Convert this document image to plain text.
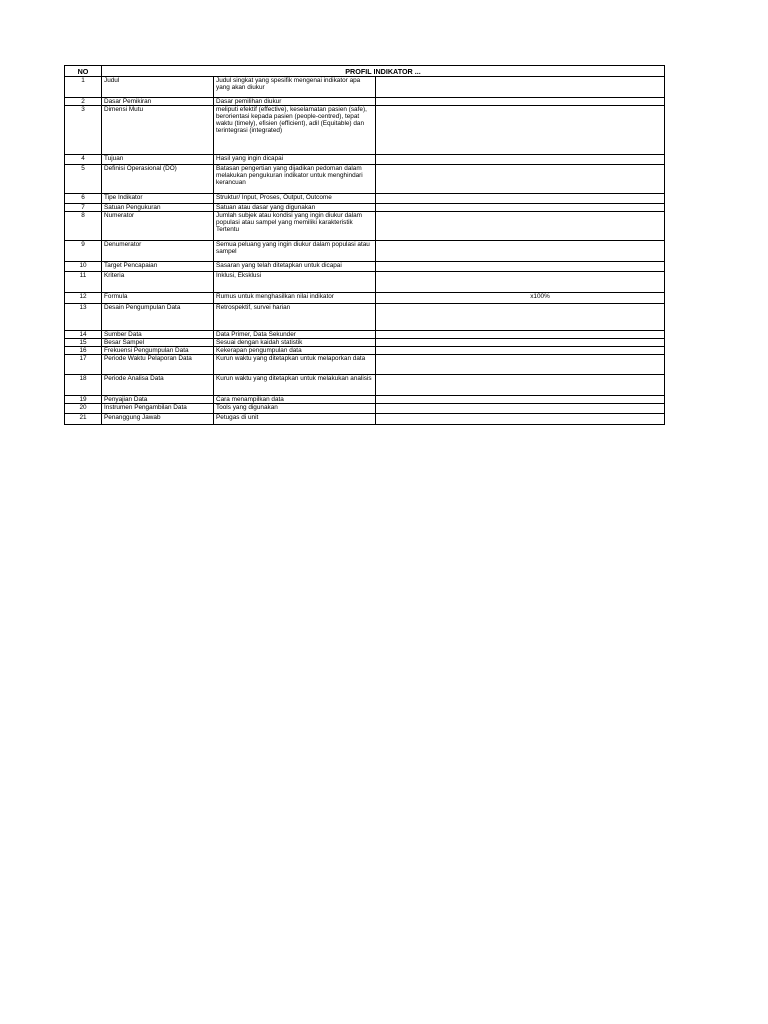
NO	PROFIL INDIKATOR ...		
1	Judul	Judul singkat yang spesifik mengenai indikator apa yang akan diukur	
2	Dasar Pemikiran	Dasar pemilihan diukur	
3	Dimensi Mutu	meliputi efektif (effective), keselamatan pasien (safe), berorientasi kepada pasien (people-centred), tepat waktu (timely), efisien (efficient), adil (Equitable) dan terintegrasi (integrated)	
4	Tujuan	Hasil yang ingin dicapai	
5	Definisi Operasional (DO)	Batasan pengertian yang dijadikan pedoman dalam melakukan pengukuran indikator untuk menghindari kerancuan	
6	Tipe Indikator	Struktur/ Input, Proses, Output, Outcome	
7	Satuan Pengukuran	Satuan atau dasar yang digunakan	
8	Numerator	Jumlah subjek atau kondisi yang ingin diukur dalam populasi atau sampel yang memiliki karakteristik Tertentu	
9	Denumerator	Semua peluang yang ingin diukur dalam populasi atau sampel	
10	Target Pencapaian	Sasaran yang telah ditetapkan untuk dicapai	
11	Kriteria	Inklusi, Eksklusi	
12	Formula	Rumus untuk menghasilkan nilai indikator	x100%

13	Desain Pengumpulan Data	Retrospektif, survei harian	
14	Sumber Data	Data Primer, Data Sekunder	
15	Besar Sampel	Sesuai dengan kaidah statistik	
16	Frekuensi Pengumpulan Data	Kekerapan pengumpulan data	
17	Periode Waktu Pelaporan Data	Kurun waktu yang ditetapkan untuk melaporkan data	
18	Periode Analisa Data	Kurun waktu yang ditetapkan untuk melakukan analisis	
19	Penyajian Data	Cara menampilkan data	
20	Instrumen Pengambilan Data	Tools yang digunakan	
21	Penanggung Jawab	Petugas di unit	
